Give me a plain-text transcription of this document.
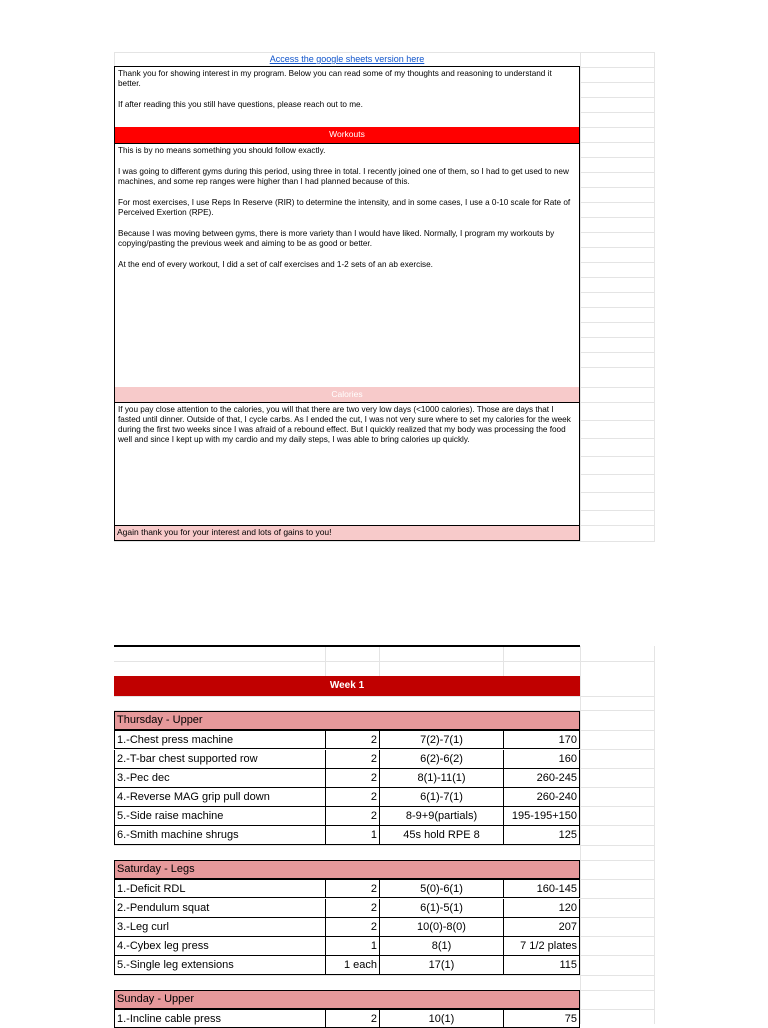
Access the google sheets version here

Thank you for showing interest in my program. Below you can read some of my thoughts and reasoning to understand it better.

If after reading this you still have questions, please reach out to me.

Workouts

This is by no means something you should follow exactly.

I was going to different gyms during this period, using three in total. I recently joined one of them, so I had to get used to new machines, and some rep ranges were higher than I had planned because of this.

For most exercises, I use Reps In Reserve (RIR) to determine the intensity, and in some cases, I use a 0-10 scale for Rate of Perceived Exertion (RPE).

Because I was moving between gyms, there is more variety than I would have liked. Normally, I program my workouts by copying/pasting the previous week and aiming to be as good or better.

At the end of every workout, I did a set of calf exercises and 1-2 sets of an ab exercise.

Calories

If you pay close attention to the calories, you will that there are two very low days (<1000 calories). Those are days that I fasted until dinner. Outside of that, I cycle carbs. As I ended the cut, I was not very sure where to set my calories for the week during the first two weeks since I was afraid of a rebound effect. But I quickly realized that my body was processing the food well and since I kept up with my cardio and my daily steps, I was able to bring calories up quickly.

Again thank you for your interest and lots of gains to you!
Week 1
Thursday - Upper
1.-Chest press machine	2	7(2)-7(1)	170
2.-T-bar chest supported row	2	6(2)-6(2)	160
3.-Pec dec	2	8(1)-11(1)	260-245
4.-Reverse MAG grip pull down	2	6(1)-7(1)	260-240
5.-Side raise machine	2	8-9+9(partials)	195-195+150
6.-Smith machine shrugs	1	45s hold RPE 8	125
Saturday - Legs
1.-Deficit RDL	2	5(0)-6(1)	160-145
2.-Pendulum squat	2	6(1)-5(1)	120
3.-Leg curl	2	10(0)-8(0)	207
4.-Cybex leg press	1	8(1)	7 1/2 plates
5.-Single leg extensions	1 each	17(1)	115
Sunday - Upper
1.-Incline cable press	2	10(1)	75
